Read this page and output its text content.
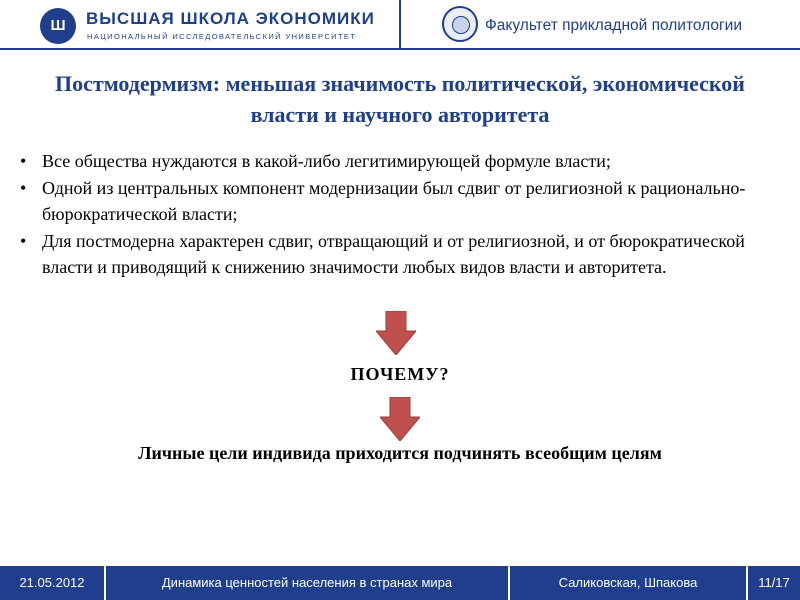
Ш	ВЫСШАЯ ШКОЛА ЭКОНОМИКИ
НАЦИОНАЛЬНЫЙ ИССЛЕДОВАТЕЛЬСКИЙ УНИВЕРСИТЕТ
Факультет прикладной политологии
Постмодермизм: меньшая значимость политической, экономической власти и научного авторитета
• Все общества нуждаются в какой-либо легитимирующей формуле власти;
• Одной из центральных компонент модернизации был сдвиг от религиозной к рационально-бюрократической власти;
• Для постмодерна характерен сдвиг, отвращающий и от религиозной, и от бюрократической власти и приводящий к снижению значимости любых видов власти и авторитета.
ПОЧЕМУ?
Личные цели индивида приходится подчинять всеобщим целям
21.05.2012	Динамика ценностей населения в странах мира	Саликовская, Шпакова	11/17
